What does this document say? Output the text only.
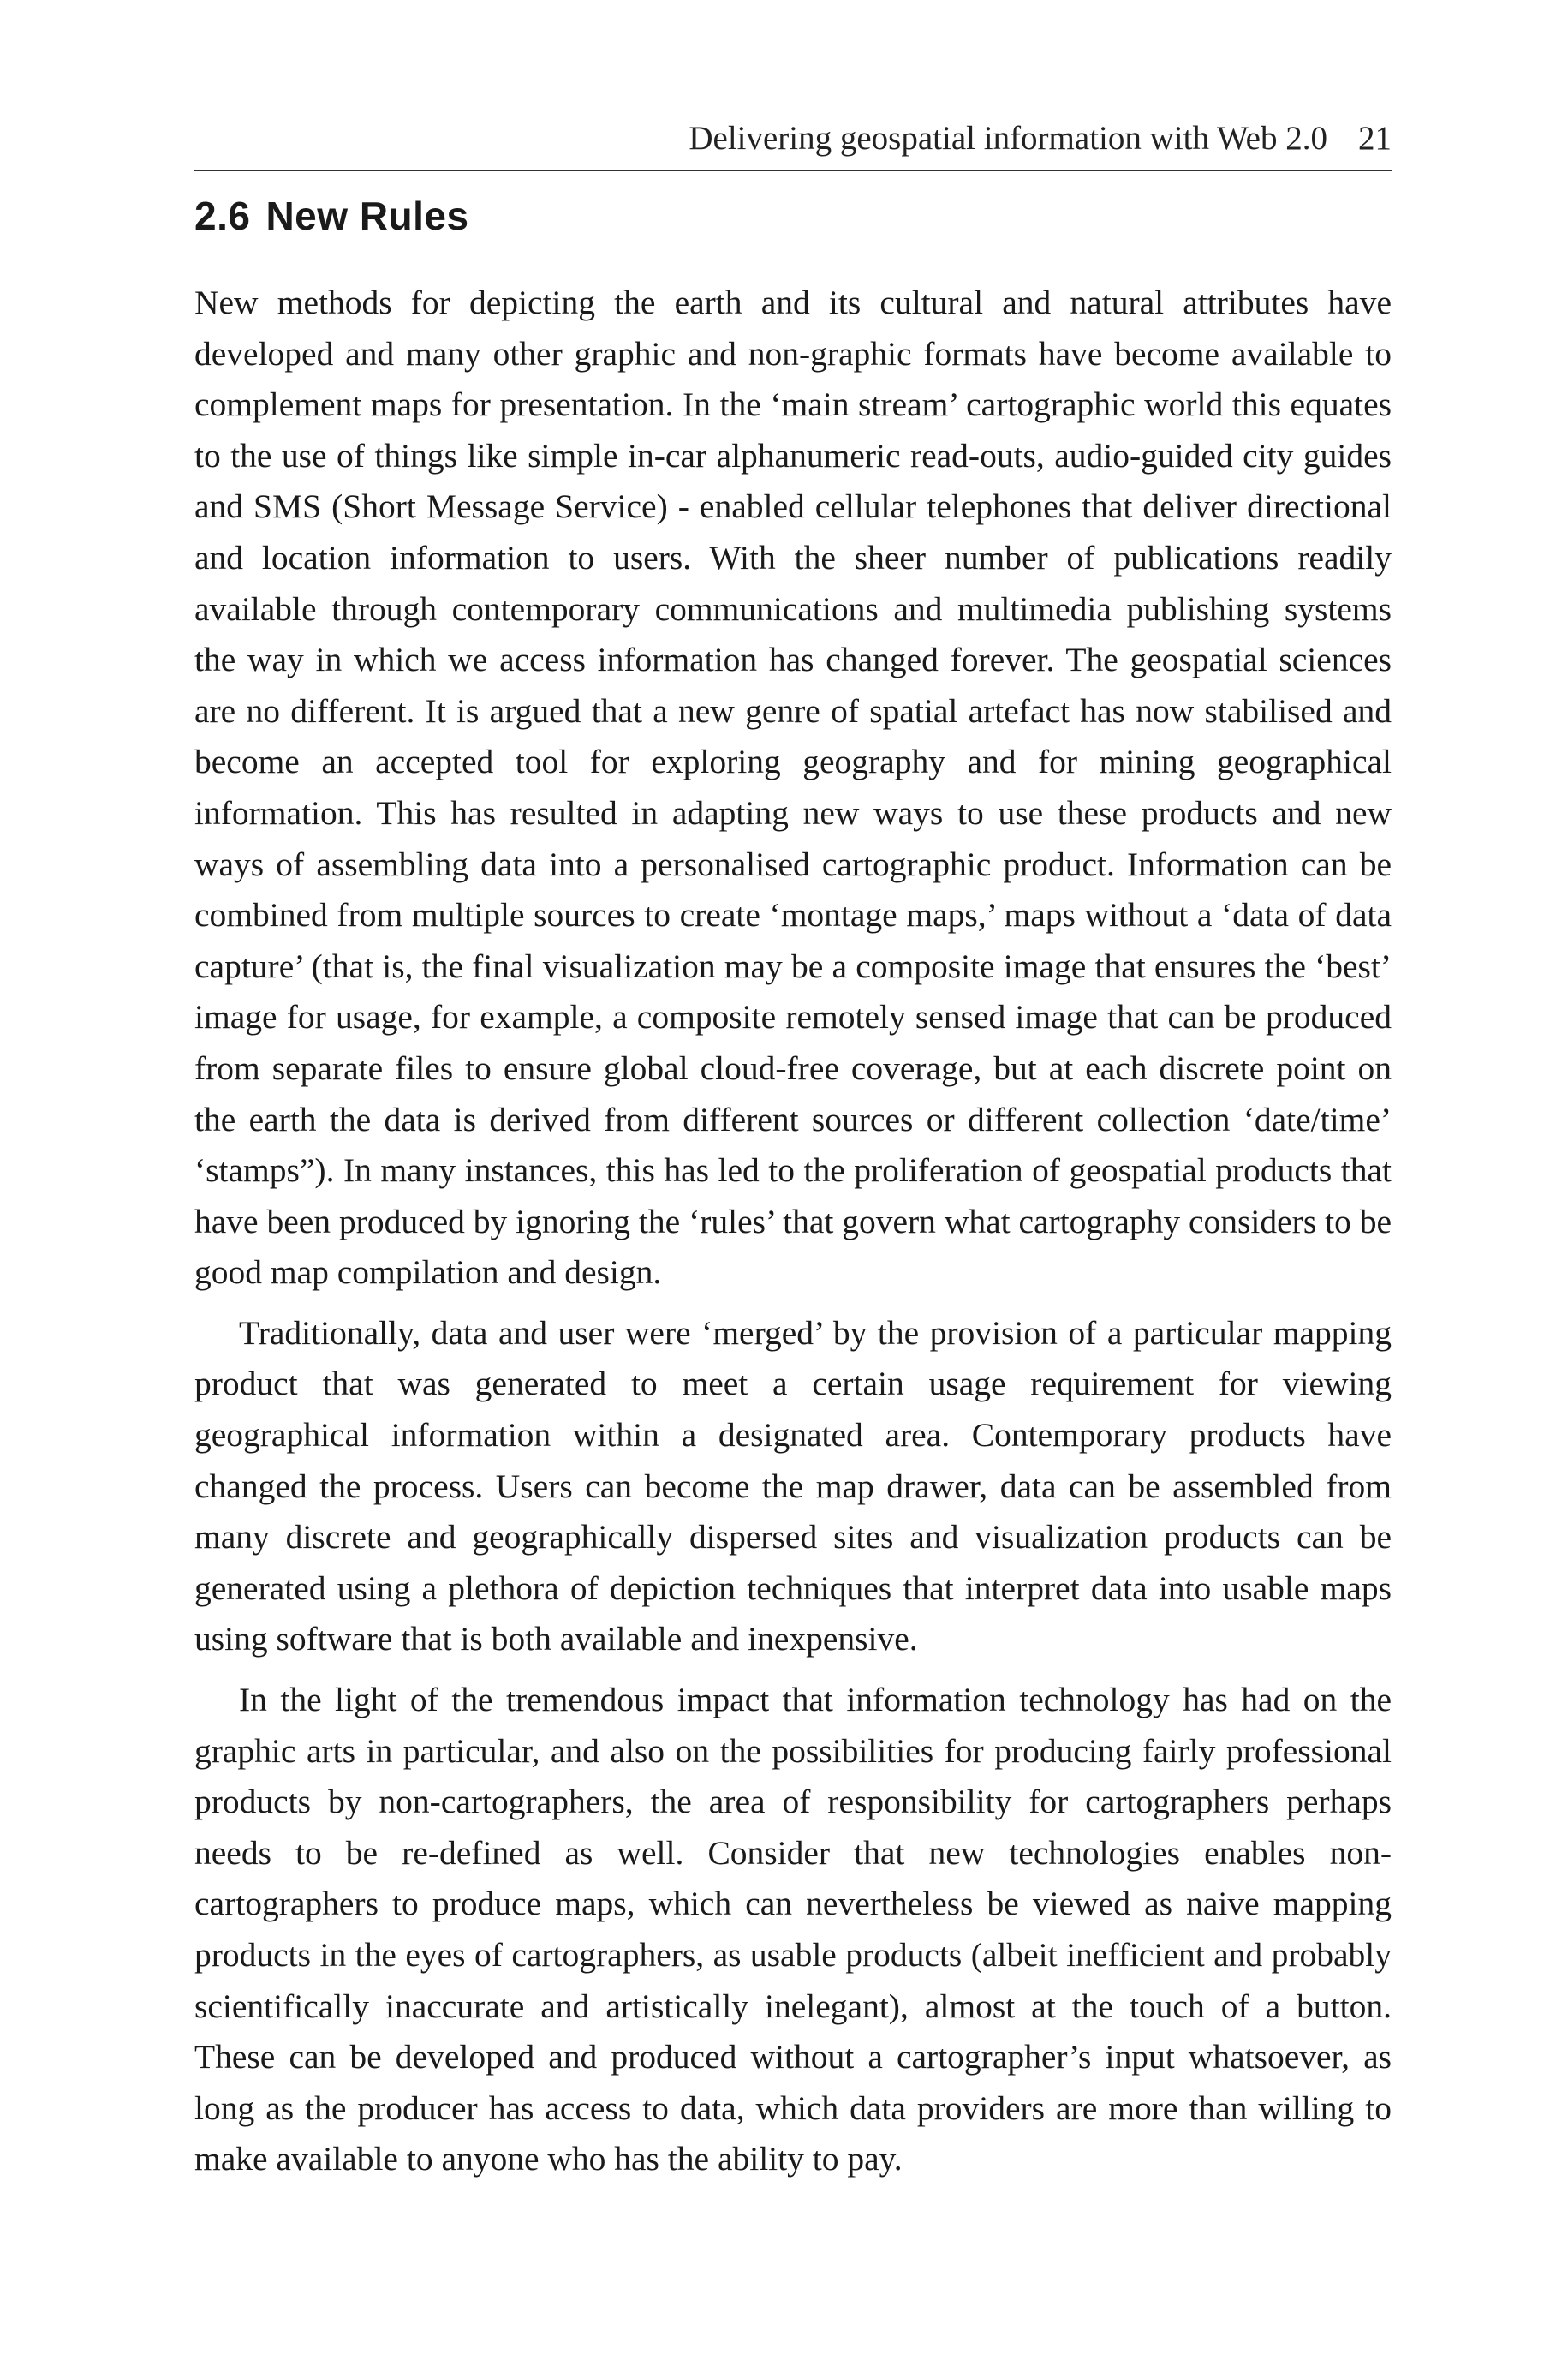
Delivering geospatial information with Web 2.0 21
2.6 New Rules

New methods for depicting the earth and its cultural and natural attributes have developed and many other graphic and non-graphic formats have become available to complement maps for presentation. In the ‘main stream’ cartographic world this equates to the use of things like simple in-car alphanumeric read-outs, audio-guided city guides and SMS (Short Message Service) - enabled cellular telephones that deliver directional and location information to users. With the sheer number of publications readily available through contemporary communications and multimedia publishing systems the way in which we access information has changed forever. The geospatial sciences are no different. It is argued that a new genre of spatial artefact has now stabilised and become an accepted tool for exploring geography and for mining geographical information. This has resulted in adapting new ways to use these products and new ways of assembling data into a personalised cartographic product. Information can be combined from multiple sources to create ‘montage maps,’ maps without a ‘data of data capture’ (that is, the final visualization may be a composite image that ensures the ‘best’ image for usage, for example, a composite remotely sensed image that can be produced from separate files to ensure global cloud-free coverage, but at each discrete point on the earth the data is derived from different sources or different collection ‘date/time’ ‘stamps”). In many instances, this has led to the proliferation of geospatial products that have been produced by ignoring the ‘rules’ that govern what cartography considers to be good map compilation and design.

Traditionally, data and user were ‘merged’ by the provision of a particular mapping product that was generated to meet a certain usage requirement for viewing geographical information within a designated area. Contemporary products have changed the process. Users can become the map drawer, data can be assembled from many discrete and geographically dispersed sites and visualization products can be generated using a plethora of depiction techniques that interpret data into usable maps using software that is both available and inexpensive.

In the light of the tremendous impact that information technology has had on the graphic arts in particular, and also on the possibilities for producing fairly professional products by non-cartographers, the area of responsibility for cartographers perhaps needs to be re-defined as well. Consider that new technologies enables non-cartographers to produce maps, which can nevertheless be viewed as naive mapping products in the eyes of cartographers, as usable products (albeit inefficient and probably scientifically inaccurate and artistically inelegant), almost at the touch of a button. These can be developed and produced without a cartographer’s input whatsoever, as long as the producer has access to data, which data providers are more than willing to make available to anyone who has the ability to pay.
